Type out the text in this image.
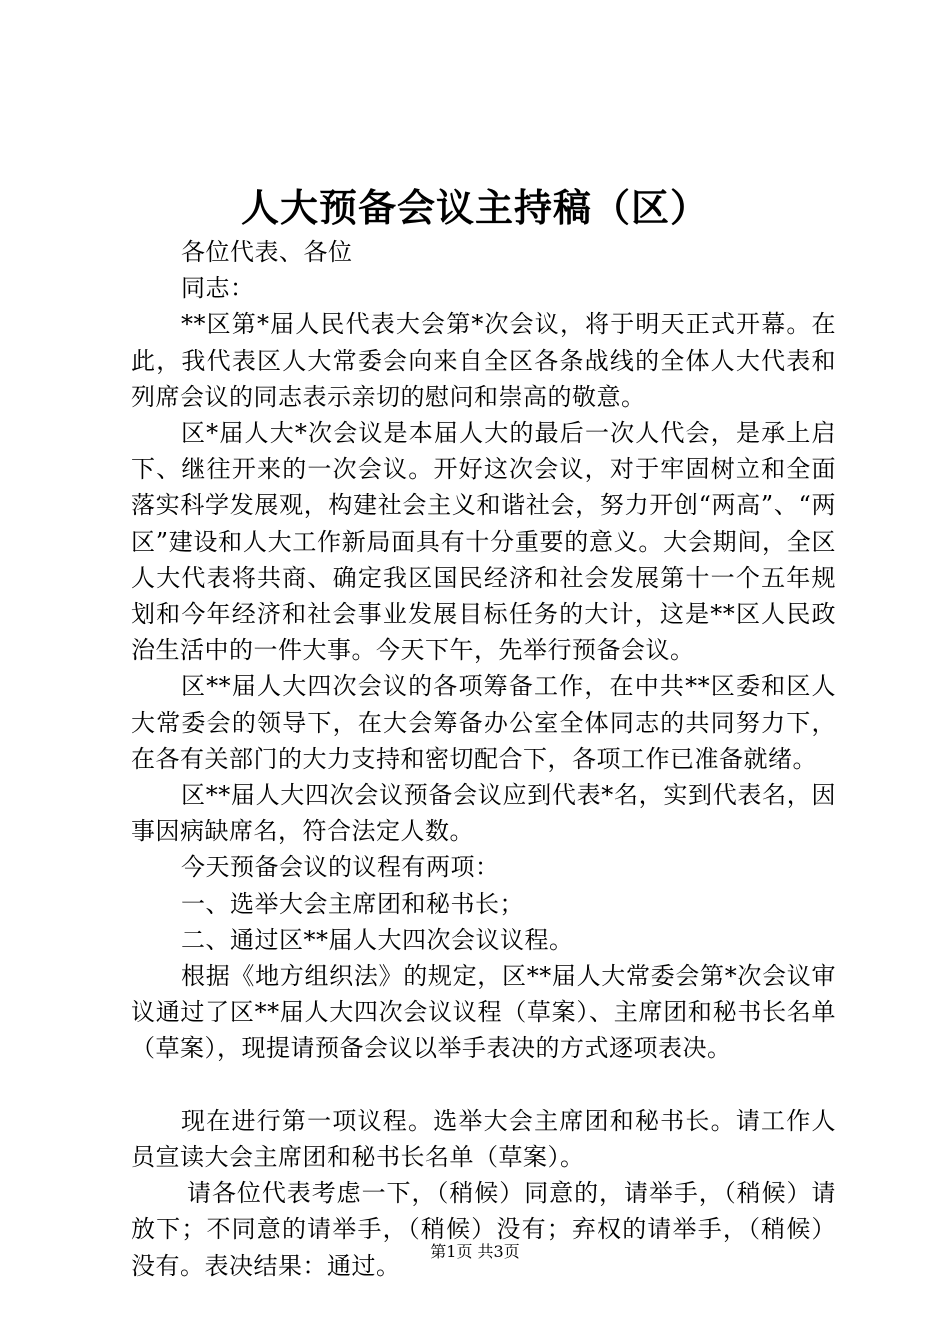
人大预备会议主持稿（区）

各位代表、各位

同志：

**区第*届人民代表大会第*次会议，将于明天正式开幕。在此，我代表区人大常委会向来自全区各条战线的全体人大代表和列席会议的同志表示亲切的慰问和崇高的敬意。

区*届人大*次会议是本届人大的最后一次人代会，是承上启下、继往开来的一次会议。开好这次会议，对于牢固树立和全面落实科学发展观，构建社会主义和谐社会，努力开创“两高”、“两区”建设和人大工作新局面具有十分重要的意义。大会期间，全区人大代表将共商、确定我区国民经济和社会发展第十一个五年规划和今年经济和社会事业发展目标任务的大计，这是**区人民政治生活中的一件大事。今天下午，先举行预备会议。

区**届人大四次会议的各项筹备工作，在中共**区委和区人大常委会的领导下，在大会筹备办公室全体同志的共同努力下，在各有关部门的大力支持和密切配合下，各项工作已准备就绪。

区**届人大四次会议预备会议应到代表*名，实到代表名，因事因病缺席名，符合法定人数。

今天预备会议的议程有两项：

一、选举大会主席团和秘书长；

二、通过区**届人大四次会议议程。

根据《地方组织法》的规定，区**届人大常委会第*次会议审议通过了区**届人大四次会议议程（草案）、主席团和秘书长名单（草案），现提请预备会议以举手表决的方式逐项表决。

现在进行第一项议程。选举大会主席团和秘书长。请工作人员宣读大会主席团和秘书长名单（草案）。

请各位代表考虑一下，（稍候）同意的，请举手，（稍候）请放下；不同意的请举手，（稍候）没有；弃权的请举手，（稍候）没有。表决结果：通过。

第1页 共3页
